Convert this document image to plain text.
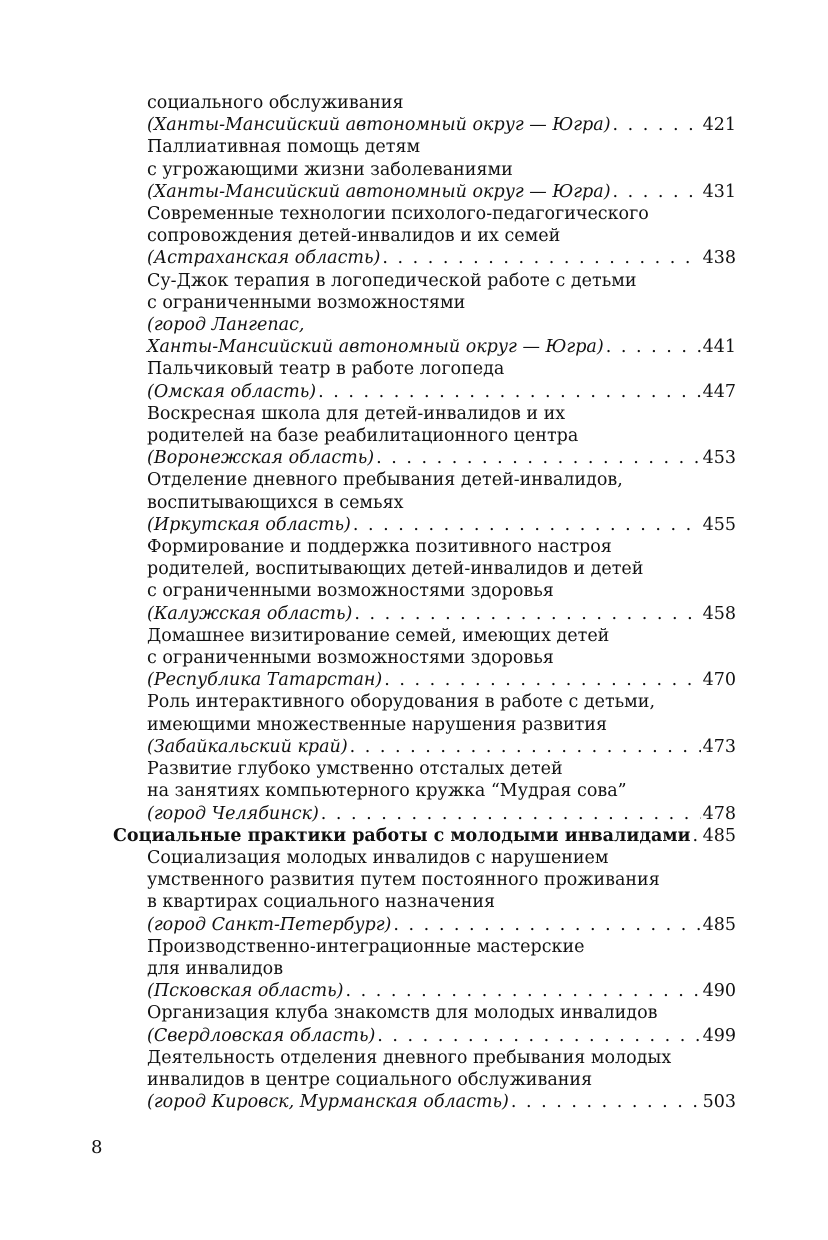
социального обслуживания
(Ханты-Мансийский автономный округ — Югра) . . .	421
Паллиативная помощь детям
с угрожающими жизни заболеваниями
(Ханты-Мансийский автономный округ — Югра) . . .	431
Современные технологии психолого-педагогического
сопровождения детей-инвалидов и их семей
(Астраханская область) . . .	438
Су-Джок терапия в логопедической работе с детьми
с ограниченными возможностями
(город Лангепас,
Ханты-Мансийский автономный округ — Югра) . . .	441
Пальчиковый театр в работе логопеда
(Омская область) . . .	447
Воскресная школа для детей-инвалидов и их
родителей на базе реабилитационного центра
(Воронежская область) . . .	453
Отделение дневного пребывания детей-инвалидов,
воспитывающихся в семьях
(Иркутская область) . . .	455
Формирование и поддержка позитивного настроя
родителей, воспитывающих детей-инвалидов и детей
с ограниченными возможностями здоровья
(Калужская область) . . .	458
Домашнее визитирование семей, имеющих детей
с ограниченными возможностями здоровья
(Республика Татарстан) . . .	470
Роль интерактивного оборудования в работе с детьми,
имеющими множественные нарушения развития
(Забайкальский край) . . .	473
Развитие глубоко умственно отсталых детей
на занятиях компьютерного кружка “Мудрая сова”
(город Челябинск) . . .	478
Социальные практики работы с молодыми инвалидами . . . 485
Социализация молодых инвалидов с нарушением
умственного развития путем постоянного проживания
в квартирах социального назначения
(город Санкт-Петербург) . . .	485
Производственно-интеграционные мастерские
для инвалидов
(Псковская область) . . .	490
Организация клуба знакомств для молодых инвалидов
(Свердловская область) . . .	499
Деятельность отделения дневного пребывания молодых
инвалидов в центре социального обслуживания
(город Кировск, Мурманская область) . . .	503
8
